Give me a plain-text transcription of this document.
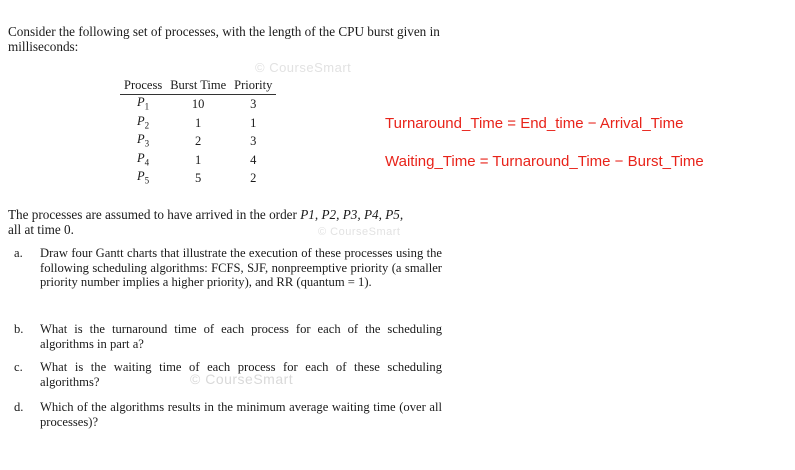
Consider the following set of processes, with the length of the CPU burst given in milliseconds:
© CourseSmart
© CourseSmart
© CourseSmart
Process	Burst Time	Priority
$P_1$	10	3
$P_2$	1	1
$P_3$	2	3
$P_4$	1	4
$P_5$	5	2
Turnaround_Time = End_time − Arrival_Time
Waiting_Time = Turnaround_Time − Burst_Time
The processes are assumed to have arrived in the order P1, P2, P3, P4, P5,
all at time 0.
a.	Draw four Gantt charts that illustrate the execution of these processes using the following scheduling algorithms: FCFS, SJF, nonpreemptive priority (a smaller priority number implies a higher priority), and RR (quantum = 1).
b.	What is the turnaround time of each process for each of the scheduling algorithms in part a?
c.	What is the waiting time of each process for each of these scheduling algorithms?
d.	Which of the algorithms results in the minimum average waiting time (over all processes)?
